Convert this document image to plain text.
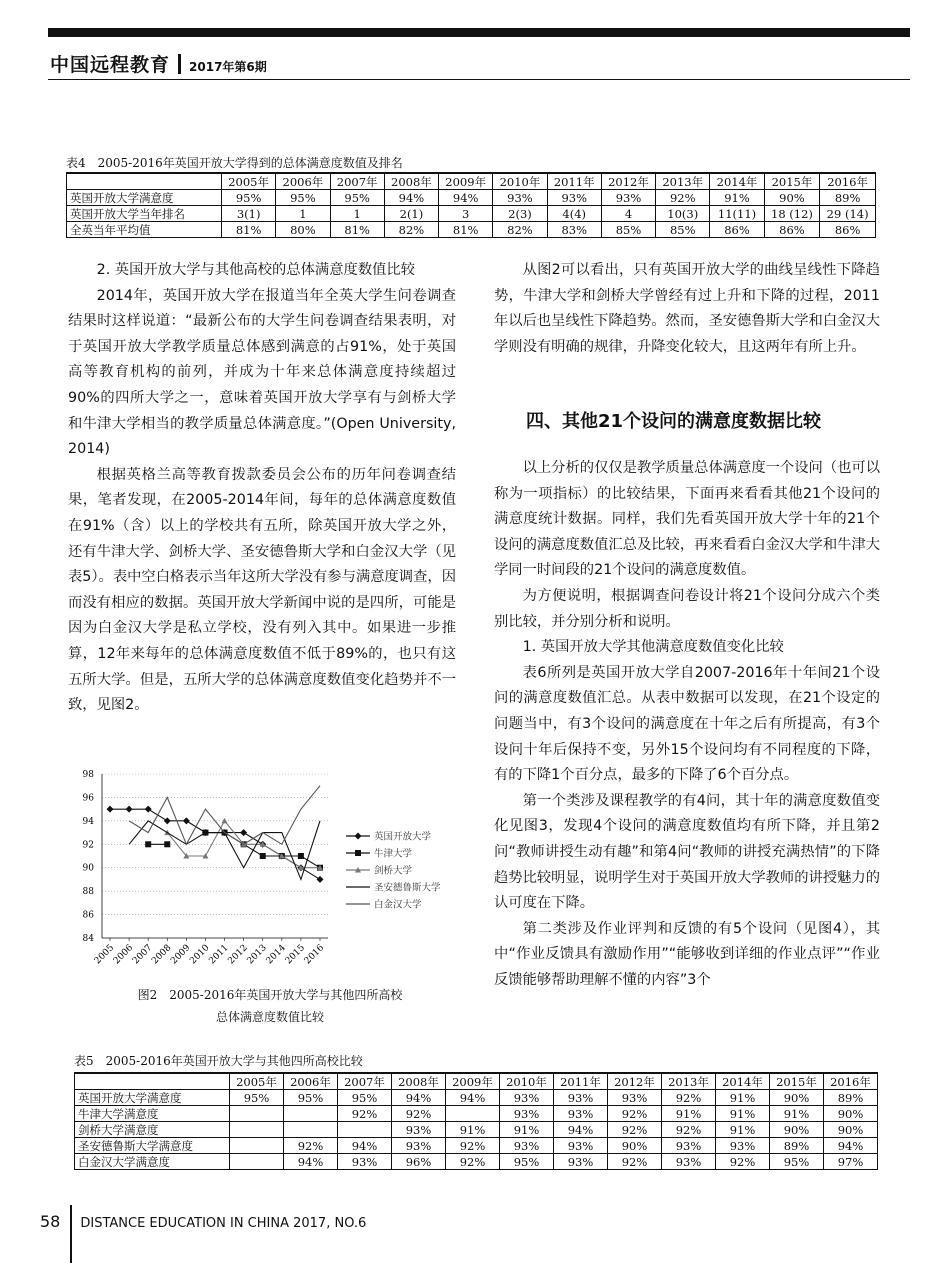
中国远程教育 2017年第6期
表4　2005-2016年英国开放大学得到的总体满意度数值及排名
	2005年	2006年	2007年	2008年	2009年	2010年	2011年	2012年	2013年	2014年	2015年	2016年
英国开放大学满意度	95%	95%	95%	94%	94%	93%	93%	93%	92%	91%	90%	89%
英国开放大学当年排名	3(1)	1	1	2(1)	3	2(3)	4(4)	4	10(3)	11(11)	18 (12)	29 (14)
全英当年平均值	81%	80%	81%	82%	81%	82%	83%	85%	85%	86%	86%	86%

2. 英国开放大学与其他高校的总体满意度数值比较

2014年，英国开放大学在报道当年全英大学生问卷调查结果时这样说道：“最新公布的大学生问卷调查结果表明，对于英国开放大学教学质量总体感到满意的占91%，处于英国高等教育机构的前列，并成为十年来总体满意度持续超过90%的四所大学之一，意味着英国开放大学享有与剑桥大学和牛津大学相当的教学质量总体满意度。”(Open University, 2014)

根据英格兰高等教育拨款委员会公布的历年问卷调查结果，笔者发现，在2005-2014年间，每年的总体满意度数值在91%（含）以上的学校共有五所，除英国开放大学之外，还有牛津大学、剑桥大学、圣安德鲁斯大学和白金汉大学（见表5）。表中空白格表示当年这所大学没有参与满意度调查，因而没有相应的数据。英国开放大学新闻中说的是四所，可能是因为白金汉大学是私立学校，没有列入其中。如果进一步推算，12年来每年的总体满意度数值不低于89%的，也只有这五所大学。但是，五所大学的总体满意度数值变化趋势并不一致，见图2。

84
86
88
90
92
94
96
98
2005
2006
2007
2008
2009
2010
2011
2012
2013
2014
2015
2016
英国开放大学
牛津大学
剑桥大学
圣安德鲁斯大学
白金汉大学
图2　2005-2016年英国开放大学与其他四所高校
总体满意度数值比较

从图2可以看出，只有英国开放大学的曲线呈线性下降趋势，牛津大学和剑桥大学曾经有过上升和下降的过程，2011年以后也呈线性下降趋势。然而，圣安德鲁斯大学和白金汉大学则没有明确的规律，升降变化较大，且这两年有所上升。

四、其他21个设问的满意度数据比较

以上分析的仅仅是教学质量总体满意度一个设问（也可以称为一项指标）的比较结果，下面再来看看其他21个设问的满意度统计数据。同样，我们先看英国开放大学十年的21个设问的满意度数值汇总及比较，再来看看白金汉大学和牛津大学同一时间段的21个设问的满意度数值。

为方便说明，根据调查问卷设计将21个设问分成六个类别比较，并分别分析和说明。

1. 英国开放大学其他满意度数值变化比较

表6所列是英国开放大学自2007-2016年十年间21个设问的满意度数值汇总。从表中数据可以发现，在21个设定的问题当中，有3个设问的满意度在十年之后有所提高，有3个设问十年后保持不变，另外15个设问均有不同程度的下降，有的下降1个百分点，最多的下降了6个百分点。

第一个类涉及课程教学的有4问，其十年的满意度数值变化见图3，发现4个设问的满意度数值均有所下降，并且第2问“教师讲授生动有趣”和第4问“教师的讲授充满热情”的下降趋势比较明显，说明学生对于英国开放大学教师的讲授魅力的认可度在下降。

第二类涉及作业评判和反馈的有5个设问（见图4），其中“作业反馈具有激励作用”“能够收到详细的作业点评”“作业反馈能够帮助理解不懂的内容”3个

表5　2005-2016年英国开放大学与其他四所高校比较
	2005年	2006年	2007年	2008年	2009年	2010年	2011年	2012年	2013年	2014年	2015年	2016年
英国开放大学满意度	95%	95%	95%	94%	94%	93%	93%	93%	92%	91%	90%	89%
牛津大学满意度			92%	92%		93%	93%	92%	91%	91%	91%	90%
剑桥大学满意度				93%	91%	91%	94%	92%	92%	91%	90%	90%
圣安德鲁斯大学满意度		92%	94%	93%	92%	93%	93%	90%	93%	93%	89%	94%
白金汉大学满意度		94%	93%	96%	92%	95%	93%	92%	93%	92%	95%	97%
58 DISTANCE EDUCATION IN CHINA 2017, NO.6
